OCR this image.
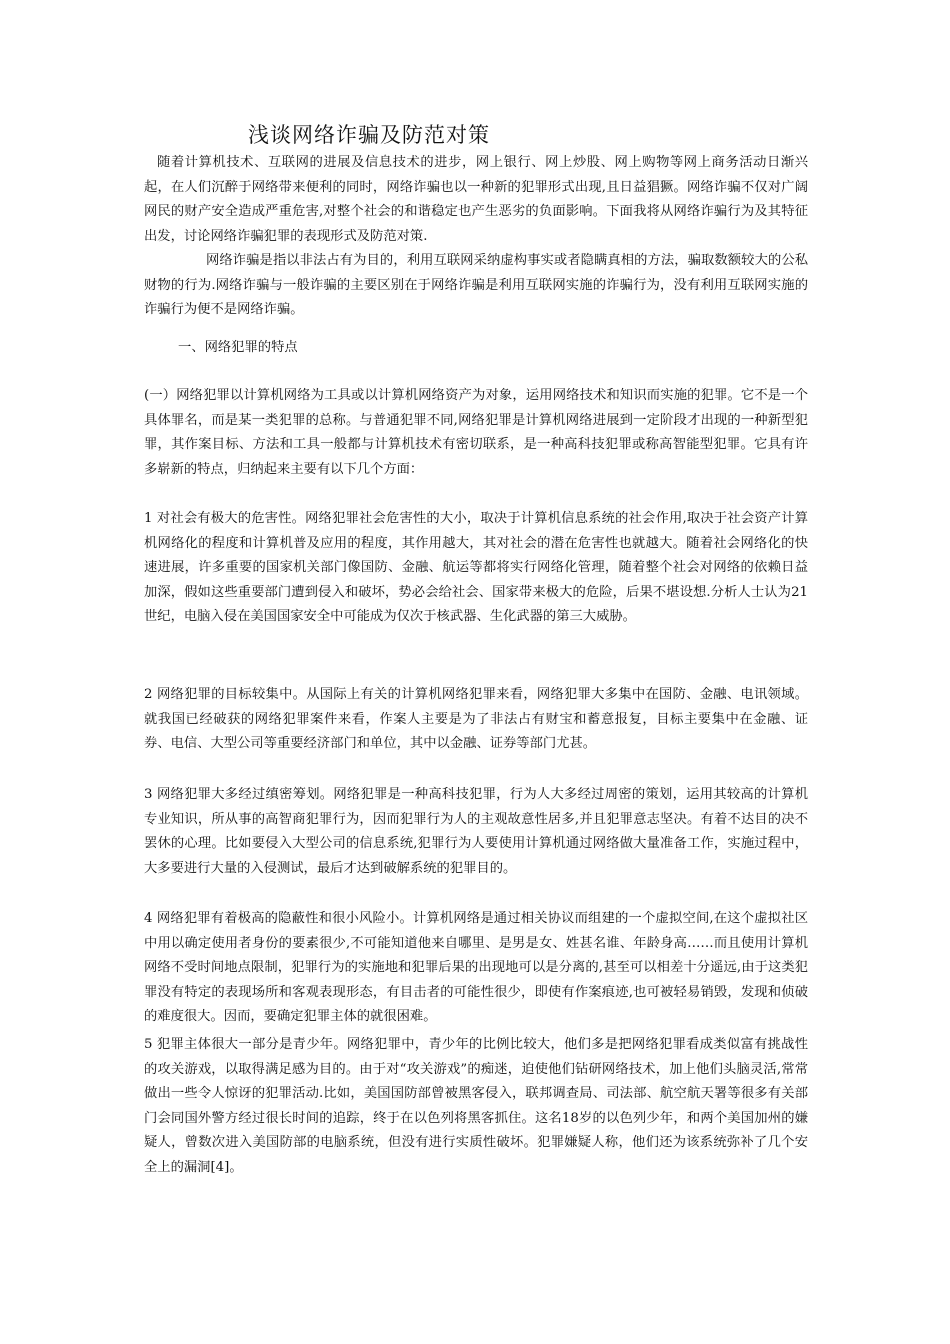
浅谈网络诈骗及防范对策

随着计算机技术、互联网的进展及信息技术的进步，网上银行、网上炒股、网上购物等网上商务活动日渐兴起，在人们沉醉于网络带来便利的同时，网络诈骗也以一种新的犯罪形式出现,且日益猖獗。网络诈骗不仅对广阔网民的财产安全造成严重危害,对整个社会的和谐稳定也产生恶劣的负面影响。下面我将从网络诈骗行为及其特征出发，讨论网络诈骗犯罪的表现形式及防范对策.

网络诈骗是指以非法占有为目的，利用互联网采纳虚构事实或者隐瞒真相的方法，骗取数额较大的公私财物的行为.网络诈骗与一般诈骗的主要区别在于网络诈骗是利用互联网实施的诈骗行为，没有利用互联网实施的诈骗行为便不是网络诈骗。

一、网络犯罪的特点

(一）网络犯罪以计算机网络为工具或以计算机网络资产为对象，运用网络技术和知识而实施的犯罪。它不是一个具体罪名，而是某一类犯罪的总称。与普通犯罪不同,网络犯罪是计算机网络进展到一定阶段才出现的一种新型犯罪，其作案目标、方法和工具一般都与计算机技术有密切联系，是一种高科技犯罪或称高智能型犯罪。它具有许多崭新的特点，归纳起来主要有以下几个方面：

1 对社会有极大的危害性。网络犯罪社会危害性的大小，取决于计算机信息系统的社会作用,取决于社会资产计算机网络化的程度和计算机普及应用的程度，其作用越大，其对社会的潜在危害性也就越大。随着社会网络化的快速进展，许多重要的国家机关部门像国防、金融、航运等都将实行网络化管理，随着整个社会对网络的依赖日益加深，假如这些重要部门遭到侵入和破坏，势必会给社会、国家带来极大的危险，后果不堪设想.分析人士认为21世纪，电脑入侵在美国国家安全中可能成为仅次于核武器、生化武器的第三大威胁。

2 网络犯罪的目标较集中。从国际上有关的计算机网络犯罪来看，网络犯罪大多集中在国防、金融、电讯领域。就我国已经破获的网络犯罪案件来看，作案人主要是为了非法占有财宝和蓄意报复，目标主要集中在金融、证券、电信、大型公司等重要经济部门和单位，其中以金融、证券等部门尤甚。

3 网络犯罪大多经过缜密筹划。网络犯罪是一种高科技犯罪，行为人大多经过周密的策划，运用其较高的计算机专业知识，所从事的高智商犯罪行为，因而犯罪行为人的主观故意性居多,并且犯罪意志坚决。有着不达目的决不罢休的心理。比如要侵入大型公司的信息系统,犯罪行为人要使用计算机通过网络做大量准备工作，实施过程中，大多要进行大量的入侵测试，最后才达到破解系统的犯罪目的。

4 网络犯罪有着极高的隐蔽性和很小风险小。计算机网络是通过相关协议而组建的一个虚拟空间,在这个虚拟社区中用以确定使用者身份的要素很少,不可能知道他来自哪里、是男是女、姓甚名谁、年龄身高……而且使用计算机网络不受时间地点限制，犯罪行为的实施地和犯罪后果的出现地可以是分离的,甚至可以相差十分遥远,由于这类犯罪没有特定的表现场所和客观表现形态，有目击者的可能性很少，即使有作案痕迹,也可被轻易销毁，发现和侦破的难度很大。因而，要确定犯罪主体的就很困难。

5 犯罪主体很大一部分是青少年。网络犯罪中，青少年的比例比较大，他们多是把网络犯罪看成类似富有挑战性的攻关游戏，以取得满足感为目的。由于对“攻关游戏”的痴迷，迫使他们钻研网络技术，加上他们头脑灵活,常常做出一些令人惊讶的犯罪活动.比如，美国国防部曾被黑客侵入，联邦调查局、司法部、航空航天署等很多有关部门会同国外警方经过很长时间的追踪，终于在以色列将黑客抓住。这名18岁的以色列少年，和两个美国加州的嫌疑人，曾数次进入美国防部的电脑系统，但没有进行实质性破坏。犯罪嫌疑人称，他们还为该系统弥补了几个安全上的漏洞[4]。
